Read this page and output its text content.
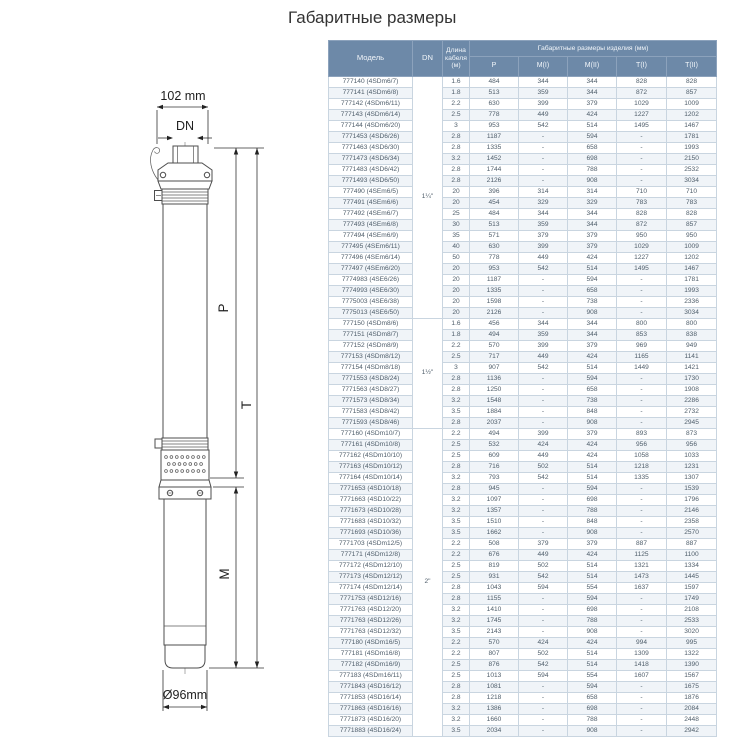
Габаритные размеры
102 mm
DN
Ø96mm
P
M
T
Модель	DN	Длина кабеля (м)	Габаритные размеры изделия (мм)				
			P	M(I)	M(II)	T(I)	T(II)
777140 (4SDm6/7)	1¼"	1.6	484	344	344	828	828
777141 (4SDm6/8)		1.8	513	359	344	872	857
777142 (4SDm6/11)		2.2	630	399	379	1029	1009
777143 (4SDm6/14)		2.5	778	449	424	1227	1202
777144 (4SDm6/20)		3	953	542	514	1495	1467
7771453 (4SD6/26)		2.8	1187	-	594	-	1781
7771463 (4SD6/30)		2.8	1335	-	658	-	1993
7771473 (4SD6/34)		3.2	1452	-	698	-	2150
7771483 (4SD6/42)		2.8	1744	-	788	-	2532
7771493 (4SD6/50)		2.8	2126	-	908	-	3034
777490 (4SEm6/5)		20	396	314	314	710	710
777491 (4SEm6/6)		20	454	329	329	783	783
777492 (4SEm6/7)		25	484	344	344	828	828
777493 (4SEm6/8)		30	513	359	344	872	857
777494 (4SEm6/9)		35	571	379	379	950	950
777495 (4SEm6/11)		40	630	399	379	1029	1009
777496 (4SEm6/14)		50	778	449	424	1227	1202
777497 (4SEm6/20)		20	953	542	514	1495	1467
7774983 (4SE6/26)		20	1187	-	594	-	1781
7774993 (4SE6/30)		20	1335	-	658	-	1993
7775003 (4SE6/38)		20	1598	-	738	-	2336
7775013 (4SE6/50)		20	2126	-	908	-	3034
777150 (4SDm8/6)	1½"	1.6	456	344	344	800	800
777151 (4SDm8/7)		1.8	494	359	344	853	838
777152 (4SDm8/9)		2.2	570	399	379	969	949
777153 (4SDm8/12)		2.5	717	449	424	1165	1141
777154 (4SDm8/18)		3	907	542	514	1449	1421
7771553 (4SD8/24)		2.8	1136	-	594	-	1730
7771563 (4SD8/27)		2.8	1250	-	658	-	1908
7771573 (4SD8/34)		3.2	1548	-	738	-	2286
7771583 (4SD8/42)		3.5	1884	-	848	-	2732
7771593 (4SD8/46)		2.8	2037	-	908	-	2945
777160 (4SDm10/7)	2"	2.2	494	399	379	893	873
777161 (4SDm10/8)		2.5	532	424	424	956	956
777162 (4SDm10/10)		2.5	609	449	424	1058	1033
777163 (4SDm10/12)		2.8	716	502	514	1218	1231
777164 (4SDm10/14)		3.2	793	542	514	1335	1307
7771653 (4SD10/18)		2.8	945	-	594	-	1539
7771663 (4SD10/22)		3.2	1097	-	698	-	1796
7771673 (4SD10/28)		3.2	1357	-	788	-	2146
7771683 (4SD10/32)		3.5	1510	-	848	-	2358
7771693 (4SD10/36)		3.5	1662	-	908	-	2570
7771703 (4SDm12/5)		2.2	508	379	379	887	887
777171 (4SDm12/8)		2.2	676	449	424	1125	1100
777172 (4SDm12/10)		2.5	819	502	514	1321	1334
777173 (4SDm12/12)		2.5	931	542	514	1473	1445
777174 (4SDm12/14)		2.8	1043	594	554	1637	1597
7771753 (4SD12/16)		2.8	1155	-	594	-	1749
7771763 (4SD12/20)		3.2	1410	-	698	-	2108
7771763 (4SD12/26)		3.2	1745	-	788	-	2533
7771763 (4SD12/32)		3.5	2143	-	908	-	3020
777180 (4SDm16/5)		2.2	570	424	424	994	995
777181 (4SDm16/8)		2.2	807	502	514	1309	1322
777182 (4SDm16/9)		2.5	876	542	514	1418	1390
777183 (4SDm16/11)		2.5	1013	594	554	1607	1567
7771843 (4SD16/12)		2.8	1081	-	594	-	1675
7771853 (4SD16/14)		2.8	1218	-	658	-	1876
7771863 (4SD16/16)		3.2	1386	-	698	-	2084
7771873 (4SD16/20)		3.2	1660	-	788	-	2448
7771883 (4SD16/24)		3.5	2034	-	908	-	2942
